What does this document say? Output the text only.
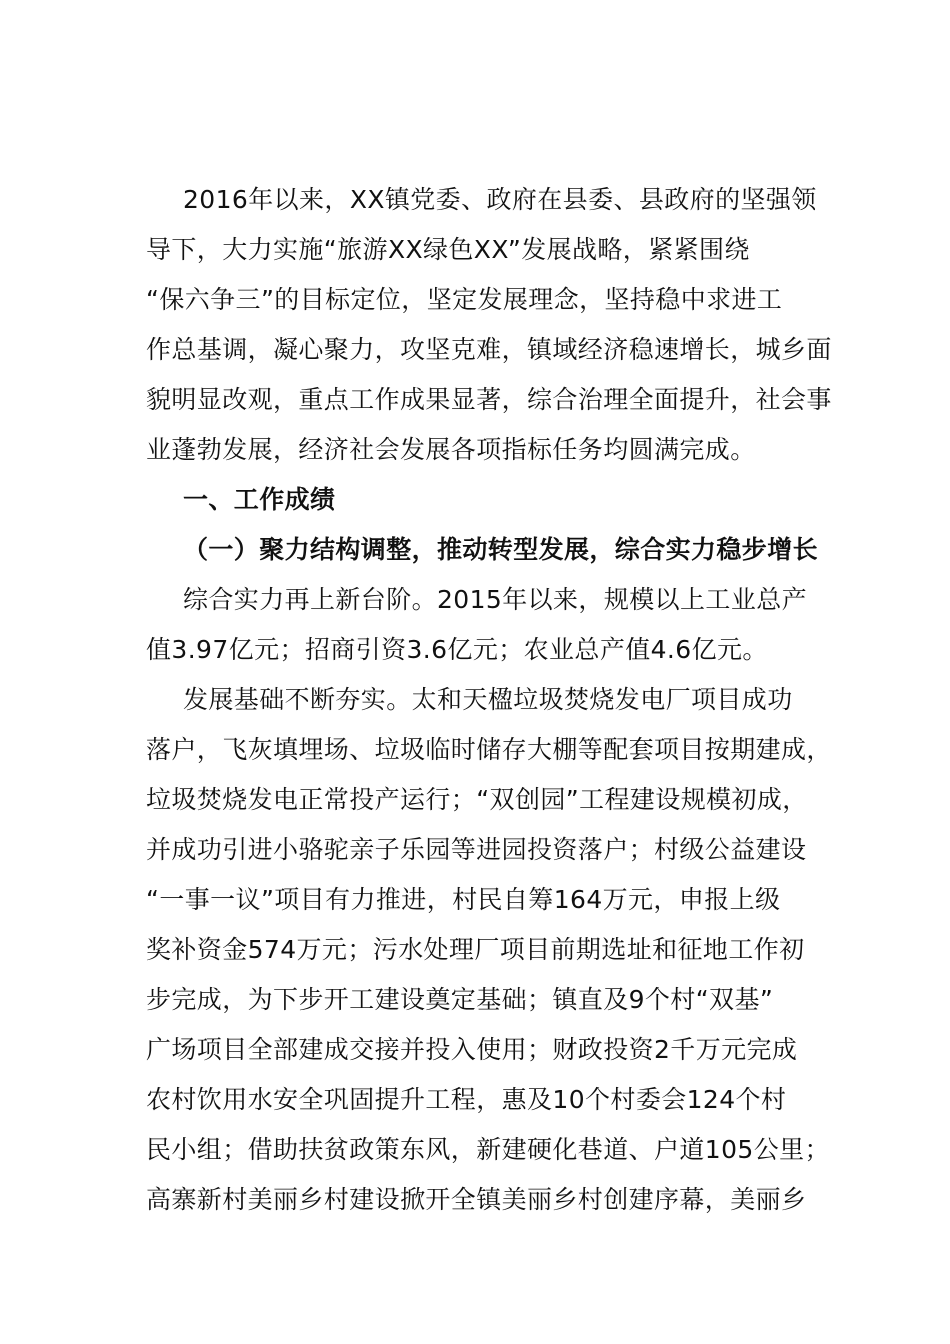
2016年以来，XX镇党委、政府在县委、县政府的坚强领
导下，大力实施“旅游XX绿色XX”发展战略，紧紧围绕
“保六争三”的目标定位，坚定发展理念，坚持稳中求进工
作总基调，凝心聚力，攻坚克难，镇域经济稳速增长，城乡面
貌明显改观，重点工作成果显著，综合治理全面提升，社会事
业蓬勃发展，经济社会发展各项指标任务均圆满完成。
一、工作成绩
（一）聚力结构调整，推动转型发展，综合实力稳步增长
综合实力再上新台阶。2015年以来，规模以上工业总产
值3.97亿元；招商引资3.6亿元；农业总产值4.6亿元。
发展基础不断夯实。太和天楹垃圾焚烧发电厂项目成功
落户，飞灰填埋场、垃圾临时储存大棚等配套项目按期建成，
垃圾焚烧发电正常投产运行；“双创园”工程建设规模初成，
并成功引进小骆驼亲子乐园等进园投资落户；村级公益建设
“一事一议”项目有力推进，村民自筹164万元，申报上级
奖补资金574万元；污水处理厂项目前期选址和征地工作初
步完成，为下步开工建设奠定基础；镇直及9个村“双基”
广场项目全部建成交接并投入使用；财政投资2千万元完成
农村饮用水安全巩固提升工程，惠及10个村委会124个村
民小组；借助扶贫政策东风，新建硬化巷道、户道105公里；
高寨新村美丽乡村建设掀开全镇美丽乡村创建序幕，美丽乡
